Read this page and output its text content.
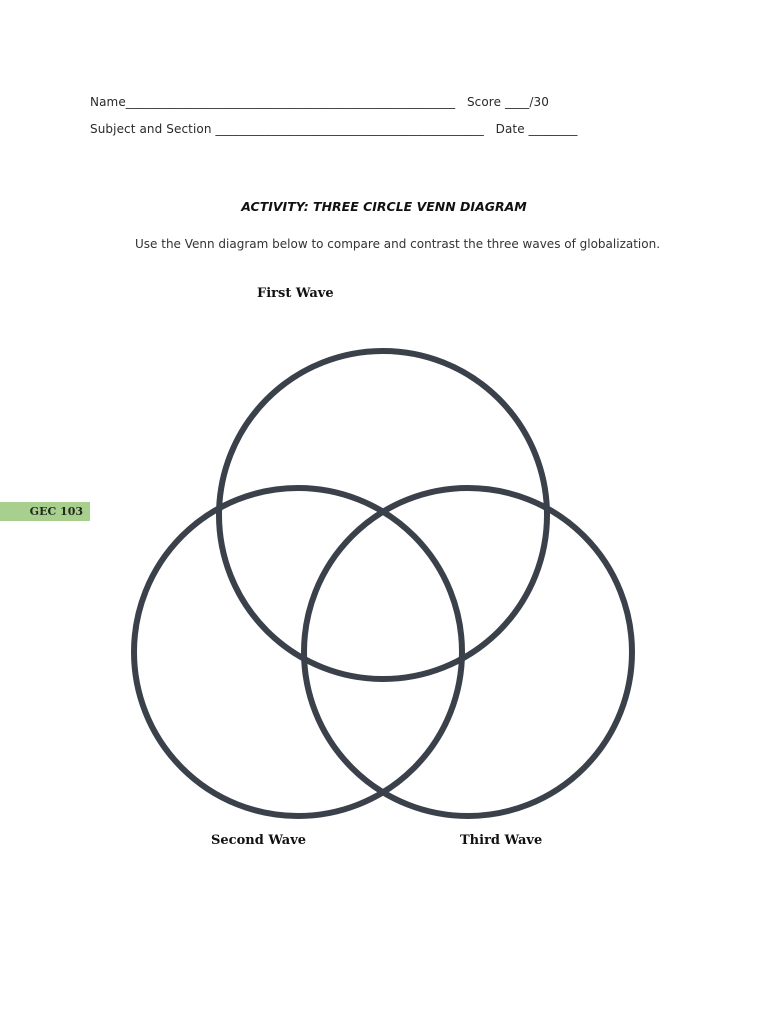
Name______________________________________________________ Score ____/30
Subject and Section ____________________________________________ Date ________
ACTIVITY: THREE CIRCLE VENN DIAGRAM
Use the Venn diagram below to compare and contrast the three waves of globalization.
First Wave
Second Wave	Third Wave
GEC 103
